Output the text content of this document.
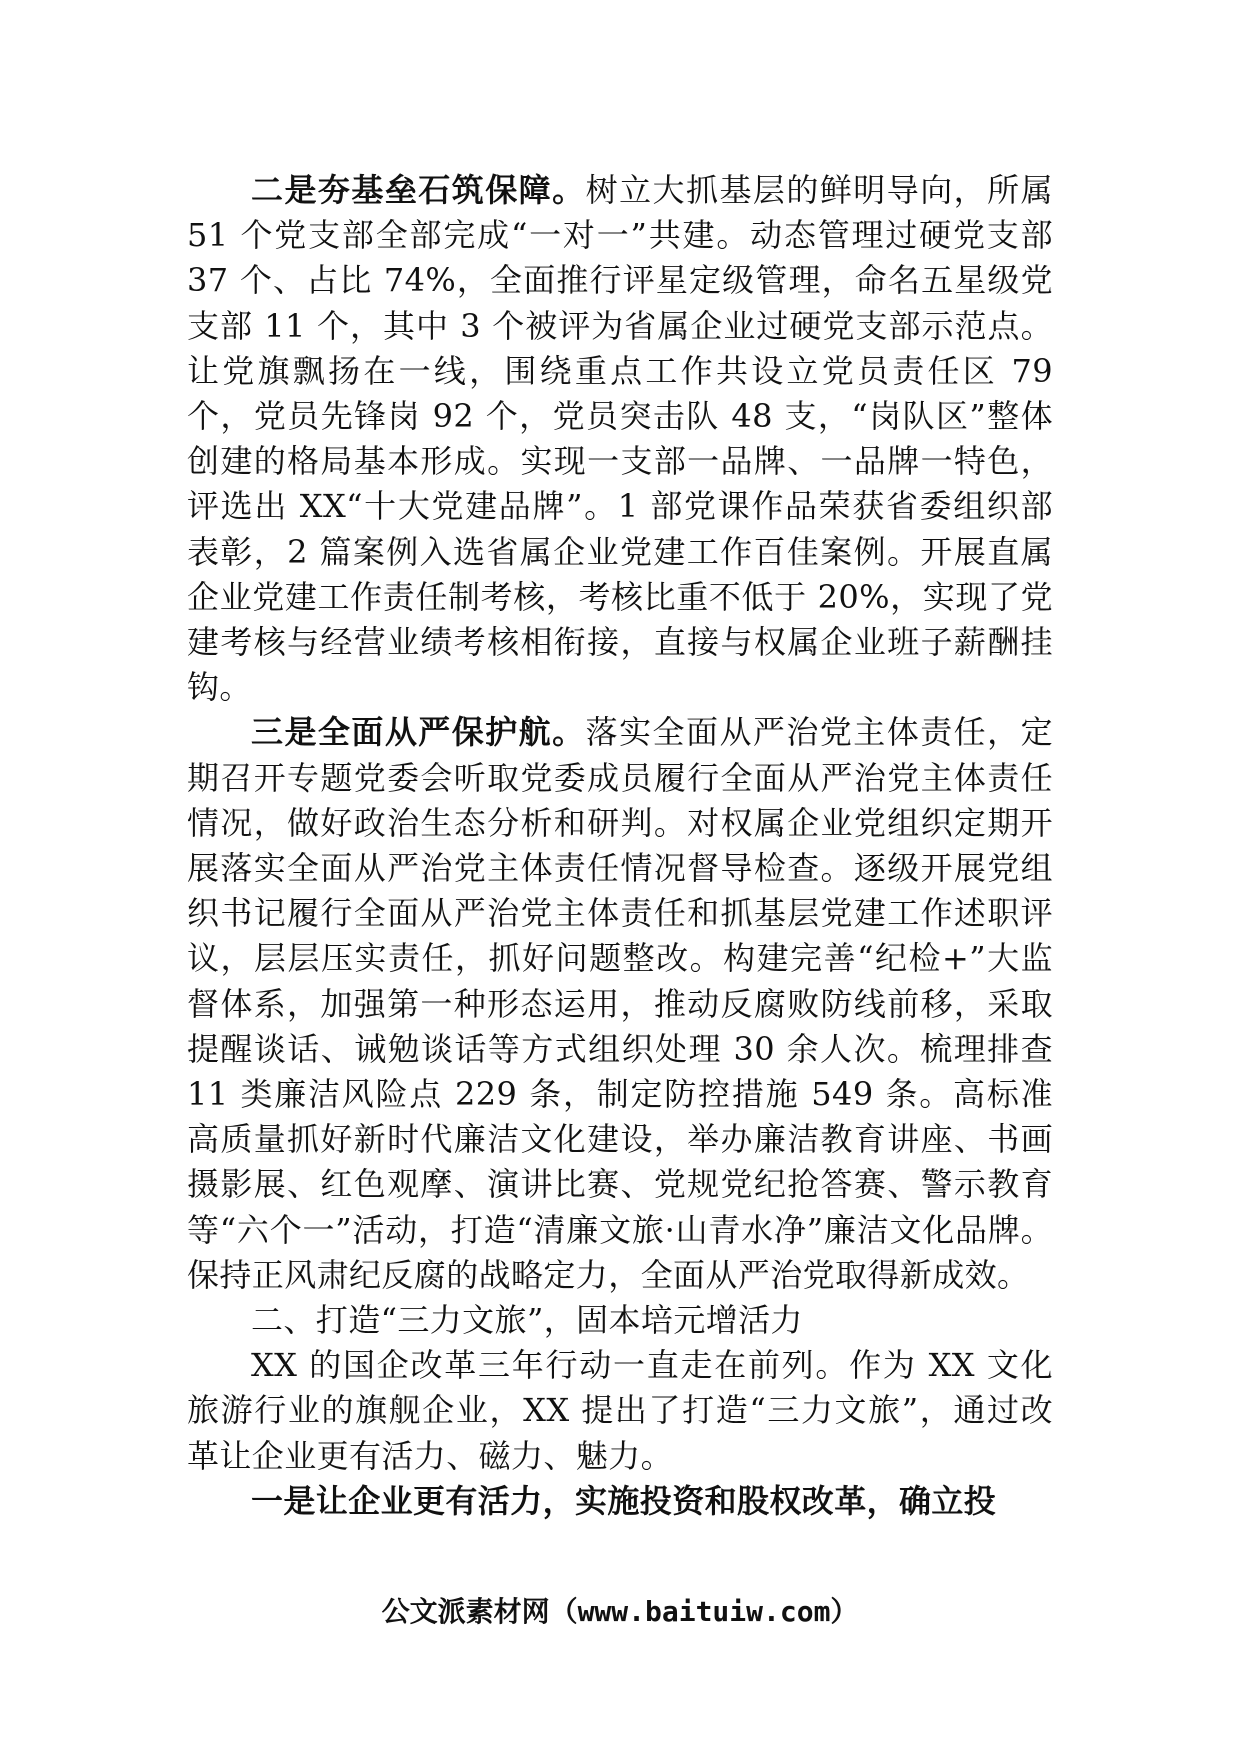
二是夯基垒石筑保障。树立大抓基层的鲜明导向，所属 51 个党支部全部完成“一对一”共建。动态管理过硬党支部 37 个、占比 74%，全面推行评星定级管理，命名五星级党支部 11 个，其中 3 个被评为省属企业过硬党支部示范点。让党旗飘扬在一线，围绕重点工作共设立党员责任区 79 个，党员先锋岗 92 个，党员突击队 48 支，“岗队区”整体创建的格局基本形成。实现一支部一品牌、一品牌一特色，评选出 XX“十大党建品牌”。1 部党课作品荣获省委组织部表彰，2 篇案例入选省属企业党建工作百佳案例。开展直属企业党建工作责任制考核，考核比重不低于 20%，实现了党建考核与经营业绩考核相衔接，直接与权属企业班子薪酬挂钩。

三是全面从严保护航。落实全面从严治党主体责任，定期召开专题党委会听取党委成员履行全面从严治党主体责任情况，做好政治生态分析和研判。对权属企业党组织定期开展落实全面从严治党主体责任情况督导检查。逐级开展党组织书记履行全面从严治党主体责任和抓基层党建工作述职评议，层层压实责任，抓好问题整改。构建完善“纪检+”大监督体系，加强第一种形态运用，推动反腐败防线前移，采取提醒谈话、诫勉谈话等方式组织处理 30 余人次。梳理排查 11 类廉洁风险点 229 条，制定防控措施 549 条。高标准高质量抓好新时代廉洁文化建设，举办廉洁教育讲座、书画摄影展、红色观摩、演讲比赛、党规党纪抢答赛、警示教育等“六个一”活动，打造“清廉文旅·山青水净”廉洁文化品牌。保持正风肃纪反腐的战略定力，全面从严治党取得新成效。

二、打造“三力文旅”，固本培元增活力

XX 的国企改革三年行动一直走在前列。作为 XX 文化旅游行业的旗舰企业，XX 提出了打造“三力文旅”，通过改革让企业更有活力、磁力、魅力。

一是让企业更有活力，实施投资和股权改革，确立投

公文派素材网（www.baituiw.com）
